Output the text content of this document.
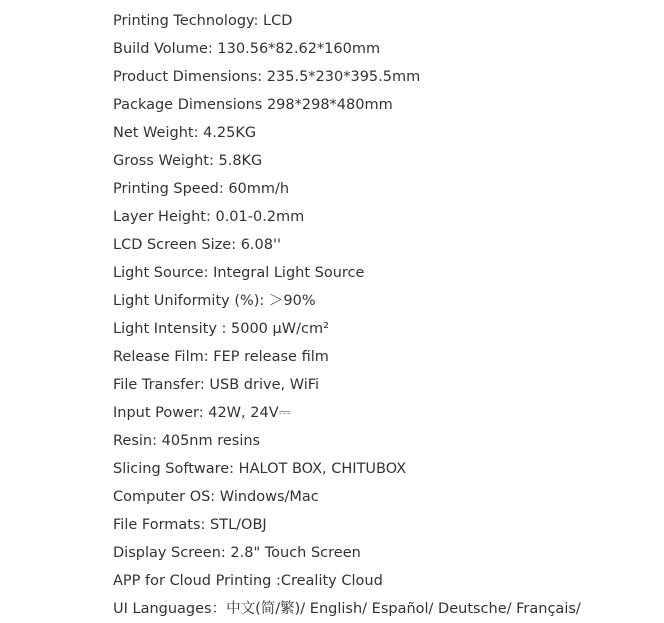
Printing Technology: LCD
Build Volume: 130.56*82.62*160mm
Product Dimensions: 235.5*230*395.5mm
Package Dimensions 298*298*480mm
Net Weight: 4.25KG
Gross Weight: 5.8KG
Printing Speed: 60mm/h
Layer Height: 0.01-0.2mm
LCD Screen Size: 6.08''
Light Source: Integral Light Source
Light Uniformity (%): ＞90%
Light Intensity : 5000 μW/cm²
Release Film: FEP release film
File Transfer: USB drive, WiFi
Input Power: 42W, 24V⎓
Resin: 405nm resins
Slicing Software: HALOT BOX, CHITUBOX
Computer OS: Windows/Mac
File Formats: STL/OBJ
Display Screen: 2.8" Touch Screen
APP for Cloud Printing :Creality Cloud
UI Languages：中文(简/繁)/ English/ Español/ Deutsche/ Français/
